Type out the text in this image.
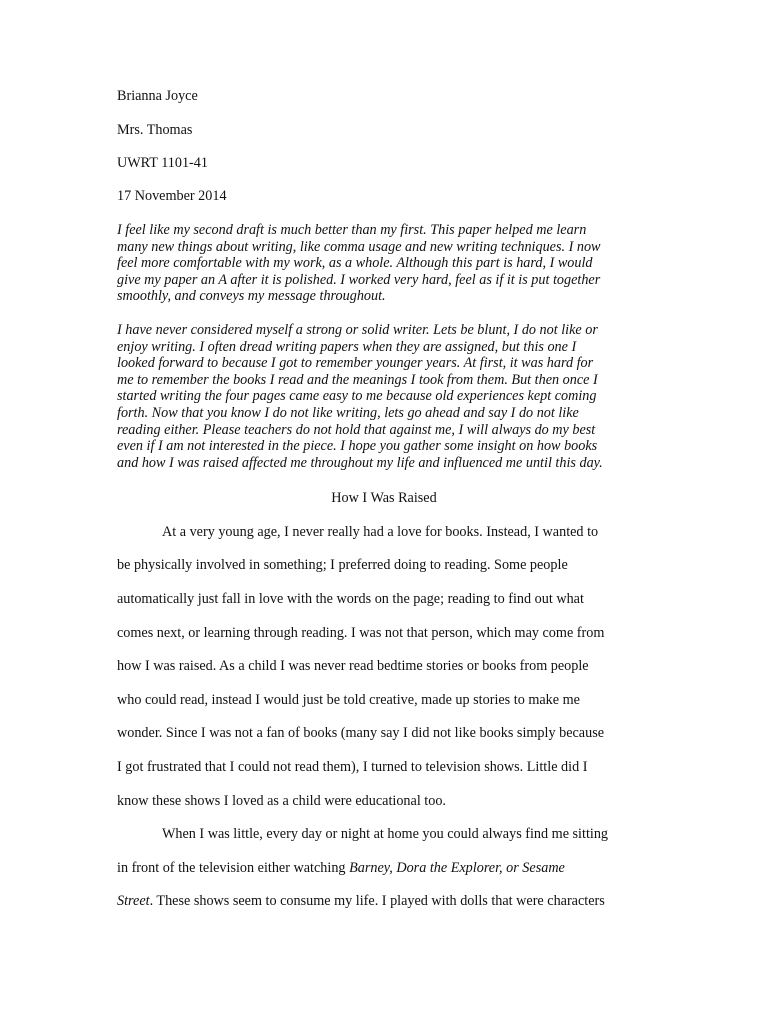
Brianna Joyce

Mrs. Thomas

UWRT 1101-41

17 November 2014

I feel like my second draft is much better than my first. This paper helped me learn
many new things about writing, like comma usage and new writing techniques. I now
feel more comfortable with my work, as a whole. Although this part is hard, I would
give my paper an A after it is polished. I worked very hard, feel as if it is put together
smoothly, and conveys my message throughout.
I have never considered myself a strong or solid writer. Lets be blunt, I do not like or
enjoy writing. I often dread writing papers when they are assigned, but this one I
looked forward to because I got to remember younger years. At first, it was hard for
me to remember the books I read and the meanings I took from them. But then once I
started writing the four pages came easy to me because old experiences kept coming
forth. Now that you know I do not like writing, lets go ahead and say I do not like
reading either. Please teachers do not hold that against me, I will always do my best
even if I am not interested in the piece. I hope you gather some insight on how books
and how I was raised affected me throughout my life and influenced me until this day.

How I Was Raised

At a very young age, I never really had a love for books. Instead, I wanted to

be physically involved in something; I preferred doing to reading. Some people

automatically just fall in love with the words on the page; reading to find out what

comes next, or learning through reading. I was not that person, which may come from

how I was raised. As a child I was never read bedtime stories or books from people

who could read, instead I would just be told creative, made up stories to make me

wonder. Since I was not a fan of books (many say I did not like books simply because

I got frustrated that I could not read them), I turned to television shows. Little did I

know these shows I loved as a child were educational too.

When I was little, every day or night at home you could always find me sitting

in front of the television either watching Barney, Dora the Explorer, or Sesame

Street. These shows seem to consume my life. I played with dolls that were characters
